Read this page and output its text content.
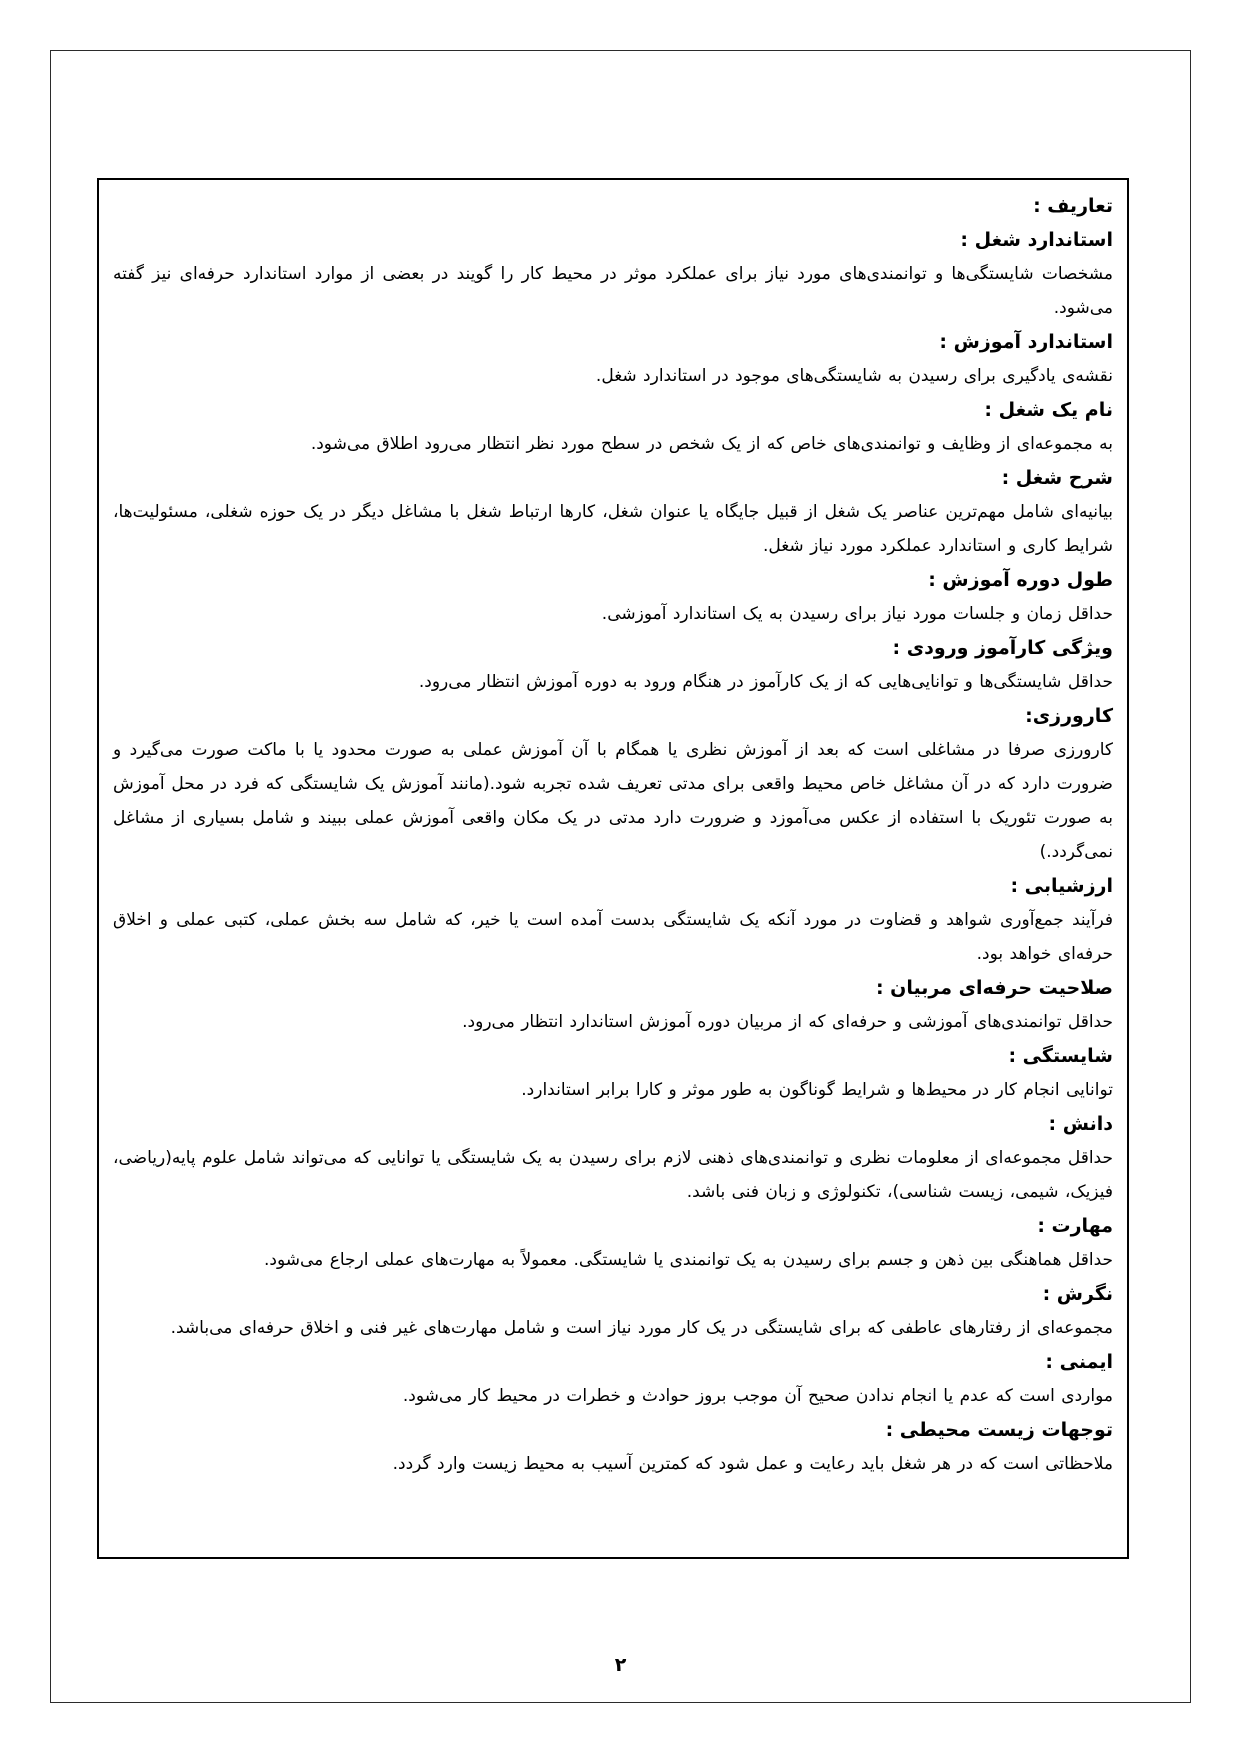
تعاریف :
استاندارد شغل :
مشخصات شایستگی‌ها و توانمندی‌های مورد نیاز برای عملکرد موثر در محیط کار را گویند در بعضی از موارد استاندارد حرفه‌ای نیز گفته می‌شود.
استاندارد آموزش :
نقشه‌ی یادگیری برای رسیدن به شایستگی‌های موجود در استاندارد شغل.
نام یک شغل :
به مجموعه‌ای از وظایف و توانمندی‌های خاص که از یک شخص در سطح مورد نظر انتظار می‌رود اطلاق می‌شود.
شرح شغل :
بیانیه‌ای شامل مهم‌ترین عناصر یک شغل از قبیل جایگاه یا عنوان شغل، کارها ارتباط شغل با مشاغل دیگر در یک حوزه شغلی، مسئولیت‌ها، شرایط کاری و استاندارد عملکرد مورد نیاز شغل.
طول دوره آموزش :
حداقل زمان و جلسات مورد نیاز برای رسیدن به یک استاندارد آموزشی.
ویژگی کارآموز ورودی :
حداقل شایستگی‌ها و توانایی‌هایی که از یک کارآموز در هنگام ورود به دوره آموزش انتظار می‌رود.
کارورزی:
کارورزی صرفا در مشاغلی است که بعد از آموزش نظری یا همگام با آن آموزش عملی به صورت محدود یا با ماکت صورت می‌گیرد و ضرورت دارد که در آن مشاغل خاص محیط واقعی برای مدتی تعریف شده تجربه شود.(مانند آموزش یک شایستگی که فرد در محل آموزش به صورت تئوریک با استفاده از عکس می‌آموزد و ضرورت دارد مدتی در یک مکان واقعی آموزش عملی ببیند و شامل بسیاری از مشاغل نمی‌گردد.)
ارزشیابی :
فرآیند جمع‌آوری شواهد و قضاوت در مورد آنکه یک شایستگی بدست آمده است یا خیر، که شامل سه بخش عملی، کتبی عملی و اخلاق حرفه‌ای خواهد بود.
صلاحیت حرفه‌ای مربیان :
حداقل توانمندی‌های آموزشی و حرفه‌ای که از مربیان دوره آموزش استاندارد انتظار می‌رود.
شایستگی :
توانایی انجام کار در محیط‌ها و شرایط گوناگون به طور موثر و کارا برابر استاندارد.
دانش :
حداقل مجموعه‌ای از معلومات نظری و توانمندی‌های ذهنی لازم برای رسیدن به یک شایستگی یا توانایی که می‌تواند شامل علوم پایه(ریاضی، فیزیک، شیمی، زیست شناسی)، تکنولوژی و زبان فنی باشد.
مهارت :
حداقل هماهنگی بین ذهن و جسم برای رسیدن به یک توانمندی یا شایستگی. معمولاً به مهارت‌های عملی ارجاع می‌شود.
نگرش :
مجموعه‌ای از رفتارهای عاطفی که برای شایستگی در یک کار مورد نیاز است و شامل مهارت‌های غیر فنی و اخلاق حرفه‌ای می‌باشد.
ایمنی :
مواردی است که عدم یا انجام ندادن صحیح آن موجب بروز حوادث و خطرات در محیط کار می‌شود.
توجهات زیست محیطی :
ملاحظاتی است که در هر شغل باید رعایت و عمل شود که کمترین آسیب به محیط زیست وارد گردد.
۲
